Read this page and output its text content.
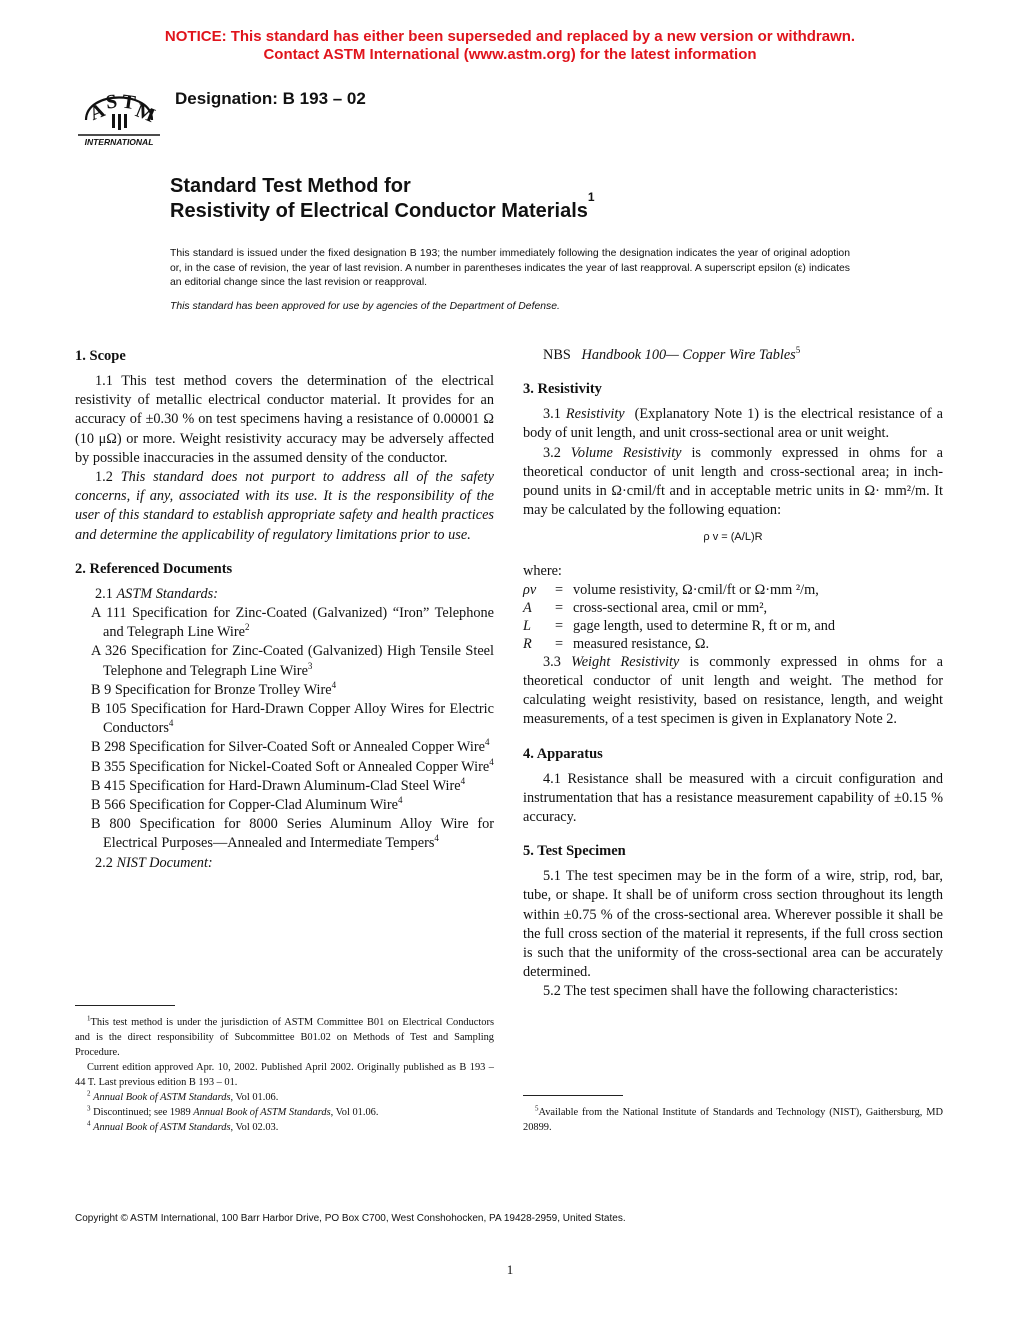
NOTICE: This standard has either been superseded and replaced by a new version or withdrawn.
Contact ASTM International (www.astm.org) for the latest information
A
S T
M
INTERNATIONAL
Designation: B 193 – 02
Standard Test Method for
Resistivity of Electrical Conductor Materials$^1$
This standard is issued under the fixed designation B 193; the number immediately following the designation indicates the year of original adoption or, in the case of revision, the year of last revision. A number in parentheses indicates the year of last reapproval. A superscript epsilon (ε) indicates an editorial change since the last revision or reapproval.
This standard has been approved for use by agencies of the Department of Defense.
1. Scope

1.1 This test method covers the determination of the electrical resistivity of metallic electrical conductor material. It provides for an accuracy of ±0.30 % on test specimens having a resistance of 0.00001 Ω (10 μΩ) or more. Weight resistivity accuracy may be adversely affected by possible inaccuracies in the assumed density of the conductor.

1.2 This standard does not purport to address all of the safety concerns, if any, associated with its use. It is the responsibility of the user of this standard to establish appropriate safety and health practices and determine the applicability of regulatory limitations prior to use.

2. Referenced Documents

2.1 ASTM Standards:

A 111 Specification for Zinc-Coated (Galvanized) “Iron” Telephone and Telegraph Line Wire$^2$

A 326 Specification for Zinc-Coated (Galvanized) High Tensile Steel Telephone and Telegraph Line Wire$^3$

B 9 Specification for Bronze Trolley Wire$^4$

B 105 Specification for Hard-Drawn Copper Alloy Wires for Electric Conductors$^4$

B 298 Specification for Silver-Coated Soft or Annealed Copper Wire$^4$

B 355 Specification for Nickel-Coated Soft or Annealed Copper Wire$^4$

B 415 Specification for Hard-Drawn Aluminum-Clad Steel Wire$^4$

B 566 Specification for Copper-Clad Aluminum Wire$^4$

B 800 Specification for 8000 Series Aluminum Alloy Wire for Electrical Purposes—Annealed and Intermediate Tempers$^4$

2.2 NIST Document:

$^1$This test method is under the jurisdiction of ASTM Committee B01 on Electrical Conductors and is the direct responsibility of Subcommittee B01.02 on Methods of Test and Sampling Procedure.

Current edition approved Apr. 10, 2002. Published April 2002. Originally published as B 193 – 44 T. Last previous edition B 193 – 01.

$^2$ Annual Book of ASTM Standards, Vol 01.06.

$^3$ Discontinued; see 1989 Annual Book of ASTM Standards, Vol 01.06.

$^4$ Annual Book of ASTM Standards, Vol 02.03.

NBS Handbook 100— Copper Wire Tables$^5$

3. Resistivity

3.1 Resistivity (Explanatory Note 1) is the electrical resistance of a body of unit length, and unit cross-sectional area or unit weight.

3.2 Volume Resistivity is commonly expressed in ohms for a theoretical conductor of unit length and cross-sectional area; in inch-pound units in Ω·cmil/ft and in acceptable metric units in Ω· mm²/m. It may be calculated by the following equation:

ρ v = (A/L)R

where:

ρv	=	volume resistivity, Ω·cmil/ft or Ω·mm ²/m,
A	=	cross-sectional area, cmil or mm²,
L	=	gage length, used to determine R, ft or m, and
R	=	measured resistance, Ω.

3.3 Weight Resistivity is commonly expressed in ohms for a theoretical conductor of unit length and weight. The method for calculating weight resistivity, based on resistance, length, and weight measurements, of a test specimen is given in Explanatory Note 2.

4. Apparatus

4.1 Resistance shall be measured with a circuit configuration and instrumentation that has a resistance measurement capability of ±0.15 % accuracy.

5. Test Specimen

5.1 The test specimen may be in the form of a wire, strip, rod, bar, tube, or shape. It shall be of uniform cross section throughout its length within ±0.75 % of the cross-sectional area. Wherever possible it shall be the full cross section of the material it represents, if the full cross section is such that the uniformity of the cross-sectional area can be accurately determined.

5.2 The test specimen shall have the following characteristics:

$^5$Available from the National Institute of Standards and Technology (NIST), Gaithersburg, MD 20899.

Copyright © ASTM International, 100 Barr Harbor Drive, PO Box C700, West Conshohocken, PA 19428-2959, United States.
1
